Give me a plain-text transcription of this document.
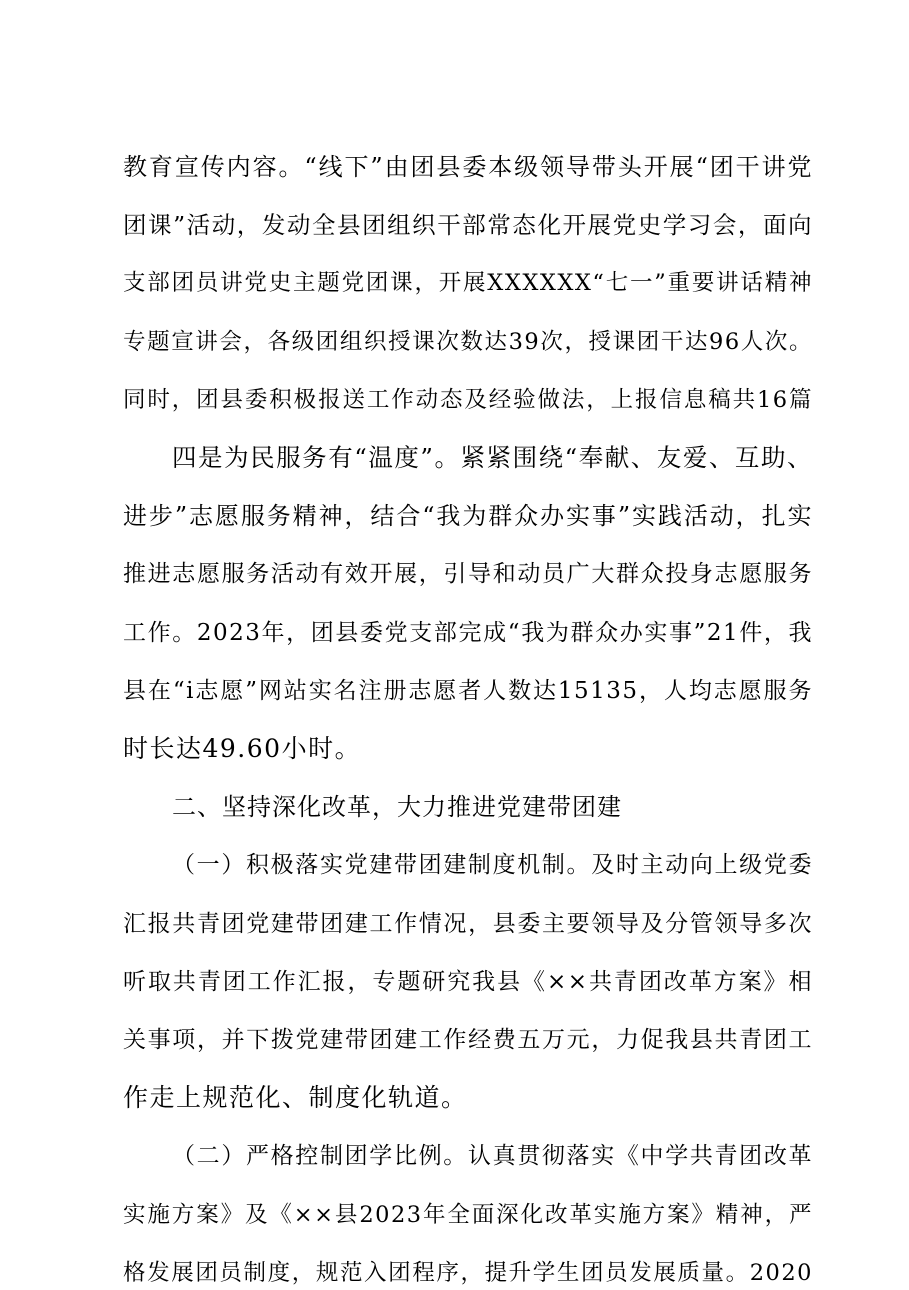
教育宣传内容。“线下”由团县委本级领导带头开展“团干讲党
团课”活动，发动全县团组织干部常态化开展党史学习会，面向
支部团员讲党史主题党团课，开展XXXXXX“七一”重要讲话精神
专题宣讲会，各级团组织授课次数达39次，授课团干达96人次。
同时，团县委积极报送工作动态及经验做法，上报信息稿共16篇
四是为民服务有“温度”。紧紧围绕“奉献、友爱、互助、
进步”志愿服务精神，结合“我为群众办实事”实践活动，扎实
推进志愿服务活动有效开展，引导和动员广大群众投身志愿服务
工作。2023年，团县委党支部完成“我为群众办实事”21件，我
县在“i志愿”网站实名注册志愿者人数达15135，人均志愿服务
时长达49.60小时。
二、坚持深化改革，大力推进党建带团建
（一）积极落实党建带团建制度机制。及时主动向上级党委
汇报共青团党建带团建工作情况，县委主要领导及分管领导多次
听取共青团工作汇报，专题研究我县《××共青团改革方案》相
关事项，并下拨党建带团建工作经费五万元，力促我县共青团工
作走上规范化、制度化轨道。
（二）严格控制团学比例。认真贯彻落实《中学共青团改革
实施方案》及《××县2023年全面深化改革实施方案》精神，严
格发展团员制度，规范入团程序，提升学生团员发展质量。2020
